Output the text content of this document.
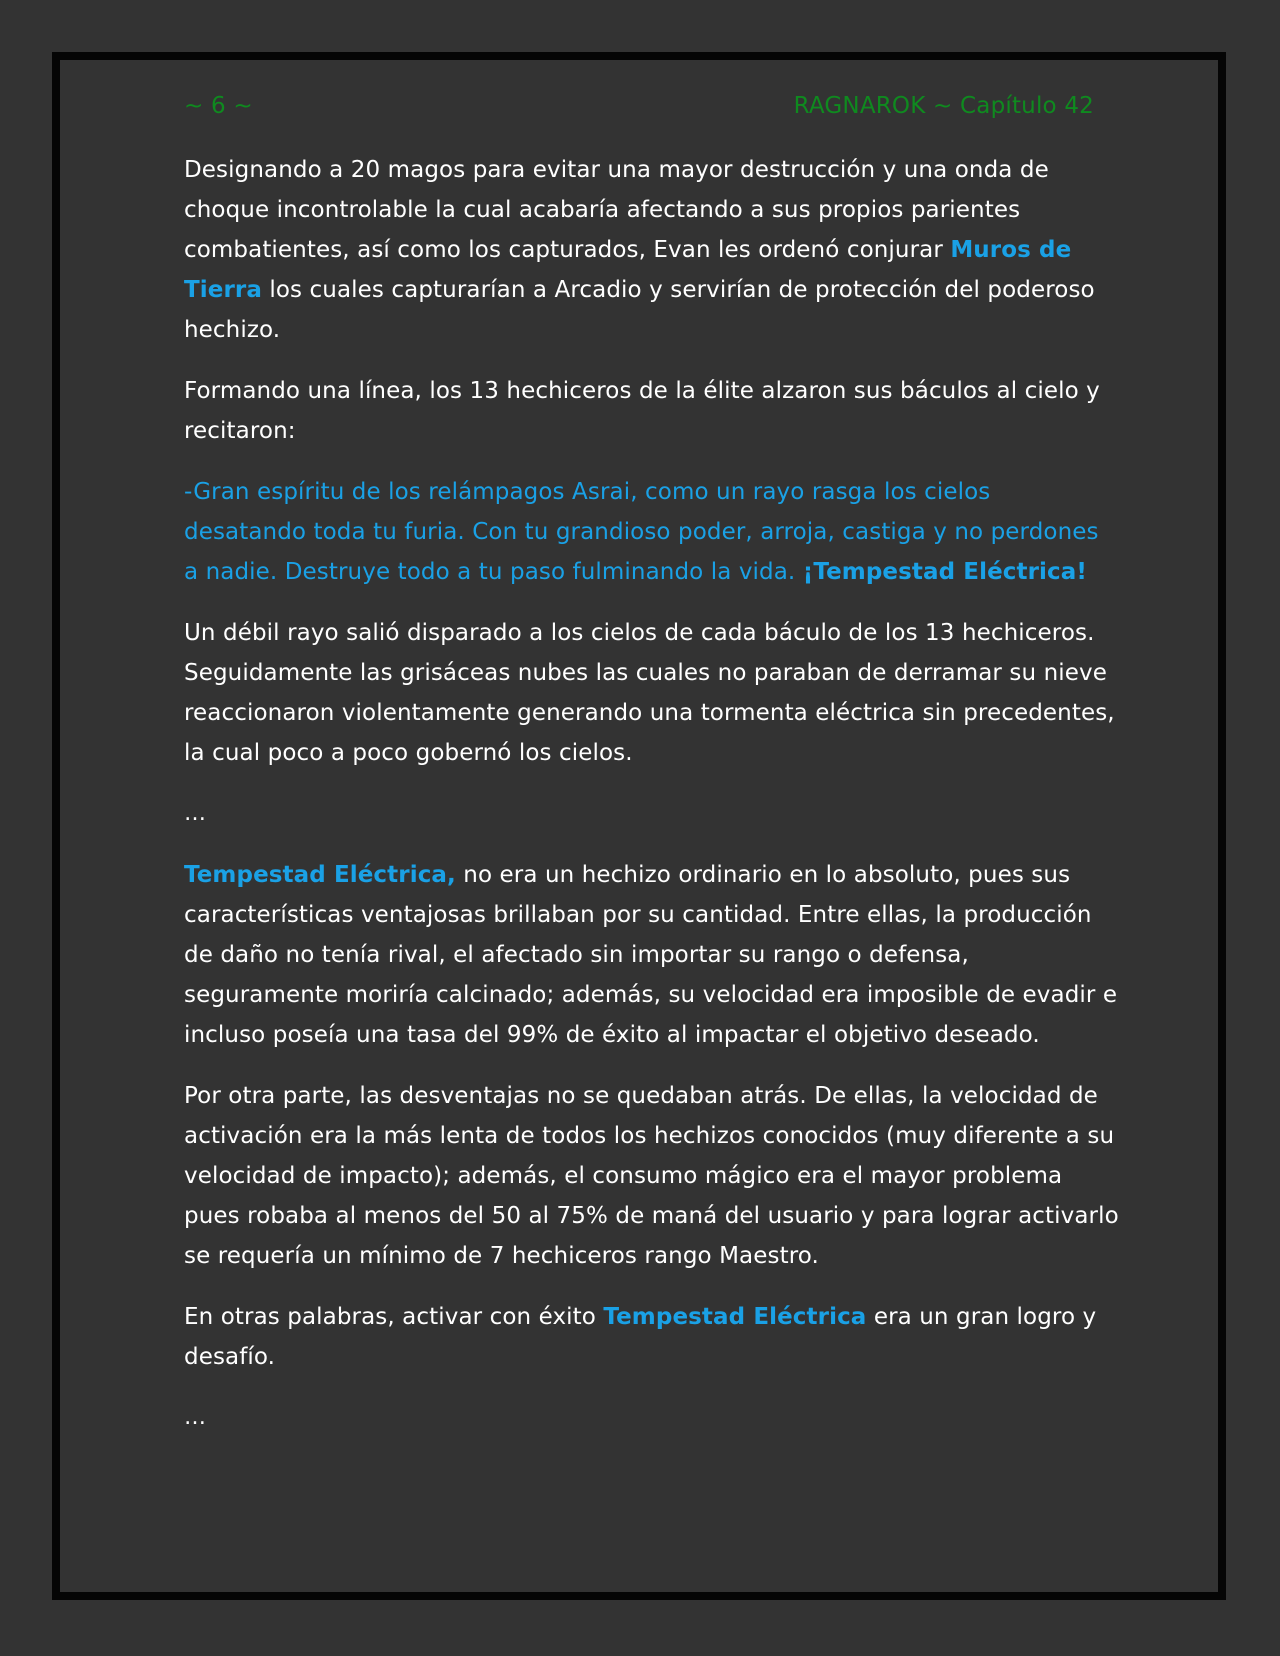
~ 6 ~	RAGNAROK ~ Capítulo 42

Designando a 20 magos para evitar una mayor destrucción y una onda de choque incontrolable la cual acabaría afectando a sus propios parientes combatientes, así como los capturados, Evan les ordenó conjurar Muros de Tierra los cuales capturarían a Arcadio y servirían de protección del poderoso hechizo.

Formando una línea, los 13 hechiceros de la élite alzaron sus báculos al cielo y recitaron:

-Gran espíritu de los relámpagos Asrai, como un rayo rasga los cielos desatando toda tu furia. Con tu grandioso poder, arroja, castiga y no perdones a nadie. Destruye todo a tu paso fulminando la vida. ¡Tempestad Eléctrica!

Un débil rayo salió disparado a los cielos de cada báculo de los 13 hechiceros. Seguidamente las grisáceas nubes las cuales no paraban de derramar su nieve reaccionaron violentamente generando una tormenta eléctrica sin precedentes, la cual poco a poco gobernó los cielos.

…

Tempestad Eléctrica, no era un hechizo ordinario en lo absoluto, pues sus características ventajosas brillaban por su cantidad. Entre ellas, la producción de daño no tenía rival, el afectado sin importar su rango o defensa, seguramente moriría calcinado; además, su velocidad era imposible de evadir e incluso poseía una tasa del 99% de éxito al impactar el objetivo deseado.

Por otra parte, las desventajas no se quedaban atrás. De ellas, la velocidad de activación era la más lenta de todos los hechizos conocidos (muy diferente a su velocidad de impacto); además, el consumo mágico era el mayor problema pues robaba al menos del 50 al 75% de maná del usuario y para lograr activarlo se requería un mínimo de 7 hechiceros rango Maestro.

En otras palabras, activar con éxito Tempestad Eléctrica era un gran logro y desafío.

…
